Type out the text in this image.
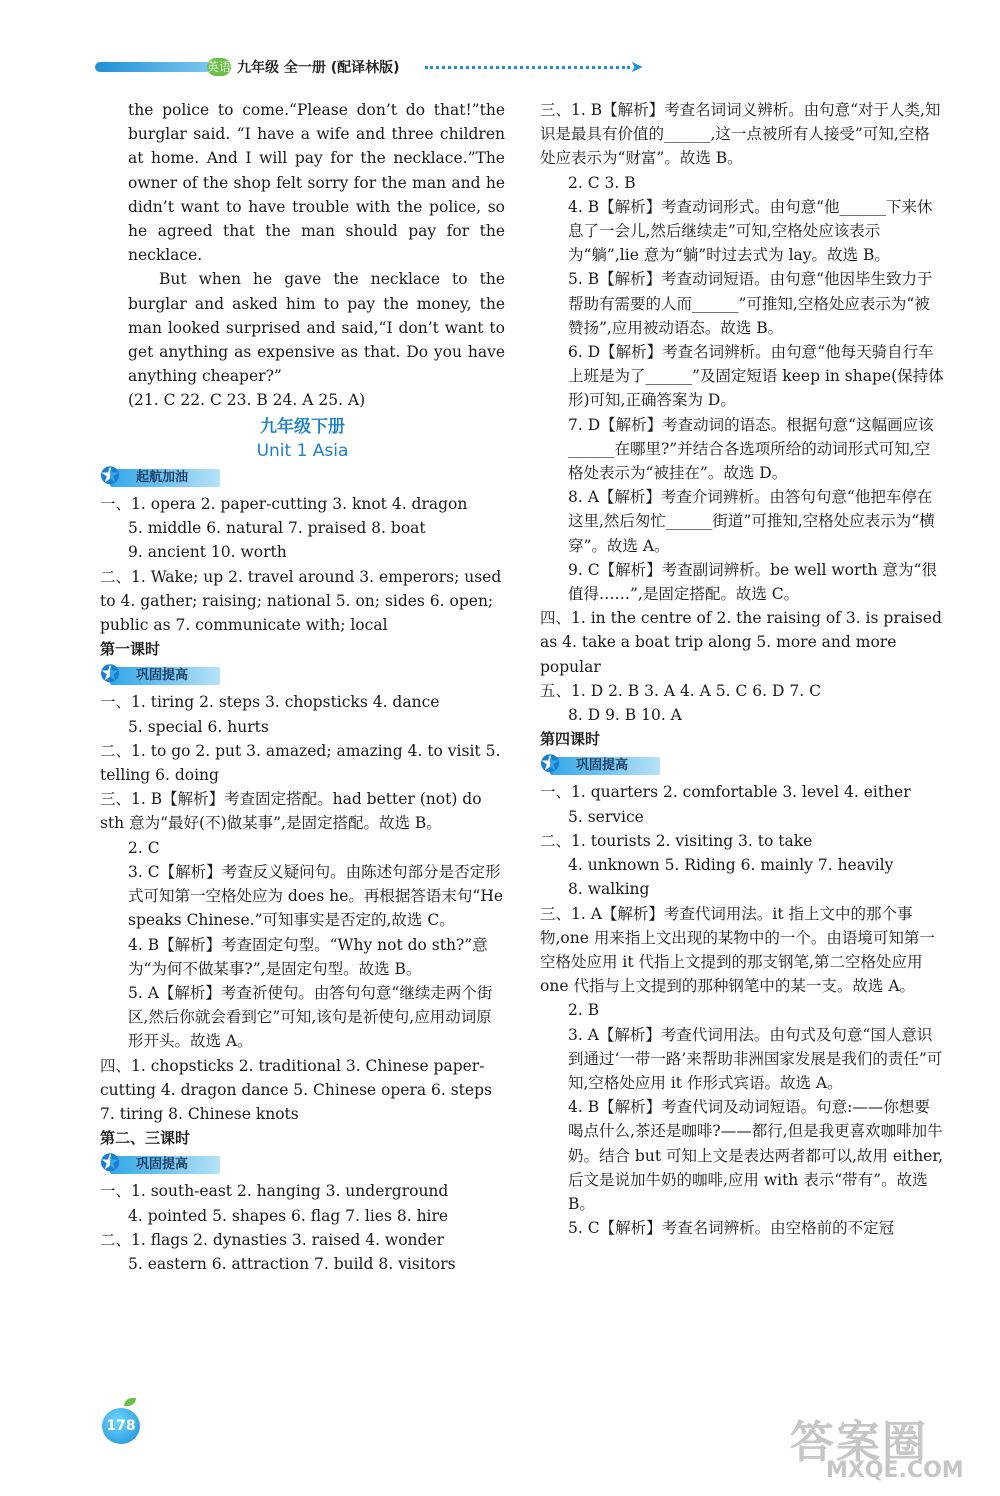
英语 九年级 全一册 (配译林版)	➤
the police to come.“Please don’t do that!”the burglar said. “I have a wife and three children at home. And I will pay for the necklace.”The owner of the shop felt sorry for the man and he didn’t want to have trouble with the police, so he agreed that the man should pay for the necklace.
But when he gave the necklace to the burglar and asked him to pay the money, the man looked surprised and said,“I don’t want to get anything as expensive as that. Do you have anything cheaper?”
(21. C 22. C 23. B 24. A 25. A)
九年级下册
Unit 1 Asia
✪ 起航加油
一、1. opera 2. paper-cutting 3. knot 4. dragon
5. middle 6. natural 7. praised 8. boat
9. ancient 10. worth
二、1. Wake; up 2. travel around 3. emperors; used to 4. gather; raising; national 5. on; sides 6. open; public as 7. communicate with; local
第一课时
✪ 巩固提高
一、1. tiring 2. steps 3. chopsticks 4. dance
5. special 6. hurts
二、1. to go 2. put 3. amazed; amazing 4. to visit 5. telling 6. doing
三、1. B【解析】考查固定搭配。had better (not) do sth 意为“最好(不)做某事”,是固定搭配。故选 B。
2. C
3. C【解析】考查反义疑问句。由陈述句部分是否定形式可知第一空格处应为 does he。再根据答语末句“He speaks Chinese.”可知事实是否定的,故选 C。
4. B【解析】考查固定句型。“Why not do sth?”意为“为何不做某事?”,是固定句型。故选 B。
5. A【解析】考查祈使句。由答句句意“继续走两个街区,然后你就会看到它”可知,该句是祈使句,应用动词原形开头。故选 A。
四、1. chopsticks 2. traditional 3. Chinese paper-cutting 4. dragon dance 5. Chinese opera 6. steps 7. tiring 8. Chinese knots
第二、三课时
✪ 巩固提高
一、1. south-east 2. hanging 3. underground
4. pointed 5. shapes 6. flag 7. lies 8. hire
二、1. flags 2. dynasties 3. raised 4. wonder
5. eastern 6. attraction 7. build 8. visitors
三、1. B【解析】考查名词词义辨析。由句意“对于人类,知识是最具有价值的______,这一点被所有人接受”可知,空格处应表示为“财富”。故选 B。
2. C 3. B
4. B【解析】考查动词形式。由句意“他______下来休息了一会儿,然后继续走”可知,空格处应该表示为“躺”,lie 意为“躺”时过去式为 lay。故选 B。
5. B【解析】考查动词短语。由句意“他因毕生致力于帮助有需要的人而______”可推知,空格处应表示为“被赞扬”,应用被动语态。故选 B。
6. D【解析】考查名词辨析。由句意“他每天骑自行车上班是为了______”及固定短语 keep in shape(保持体形)可知,正确答案为 D。
7. D【解析】考查动词的语态。根据句意“这幅画应该______在哪里?”并结合各选项所给的动词形式可知,空格处表示为“被挂在”。故选 D。
8. A【解析】考查介词辨析。由答句句意“他把车停在这里,然后匆忙______街道”可推知,空格处应表示为“横穿”。故选 A。
9. C【解析】考查副词辨析。be well worth 意为“很值得……”,是固定搭配。故选 C。
四、1. in the centre of 2. the raising of 3. is praised as 4. take a boat trip along 5. more and more popular
五、1. D 2. B 3. A 4. A 5. C 6. D 7. C
8. D 9. B 10. A
第四课时
✪ 巩固提高
一、1. quarters 2. comfortable 3. level 4. either
5. service
二、1. tourists 2. visiting 3. to take
4. unknown 5. Riding 6. mainly 7. heavily
8. walking
三、1. A【解析】考查代词用法。it 指上文中的那个事物,one 用来指上文出现的某物中的一个。由语境可知第一空格处应用 it 代指上文提到的那支钢笔,第二空格处应用 one 代指与上文提到的那种钢笔中的某一支。故选 A。
2. B
3. A【解析】考查代词用法。由句式及句意“国人意识到通过‘一带一路’来帮助非洲国家发展是我们的责任”可知,空格处应用 it 作形式宾语。故选 A。
4. B【解析】考查代词及动词短语。句意:——你想要喝点什么,茶还是咖啡?——都行,但是我更喜欢咖啡加牛奶。结合 but 可知上文是表达两者都可以,故用 either,后文是说加牛奶的咖啡,应用 with 表示“带有”。故选 B。
5. C【解析】考查名词辨析。由空格前的不定冠
178	答案圈
MXQE.COM
